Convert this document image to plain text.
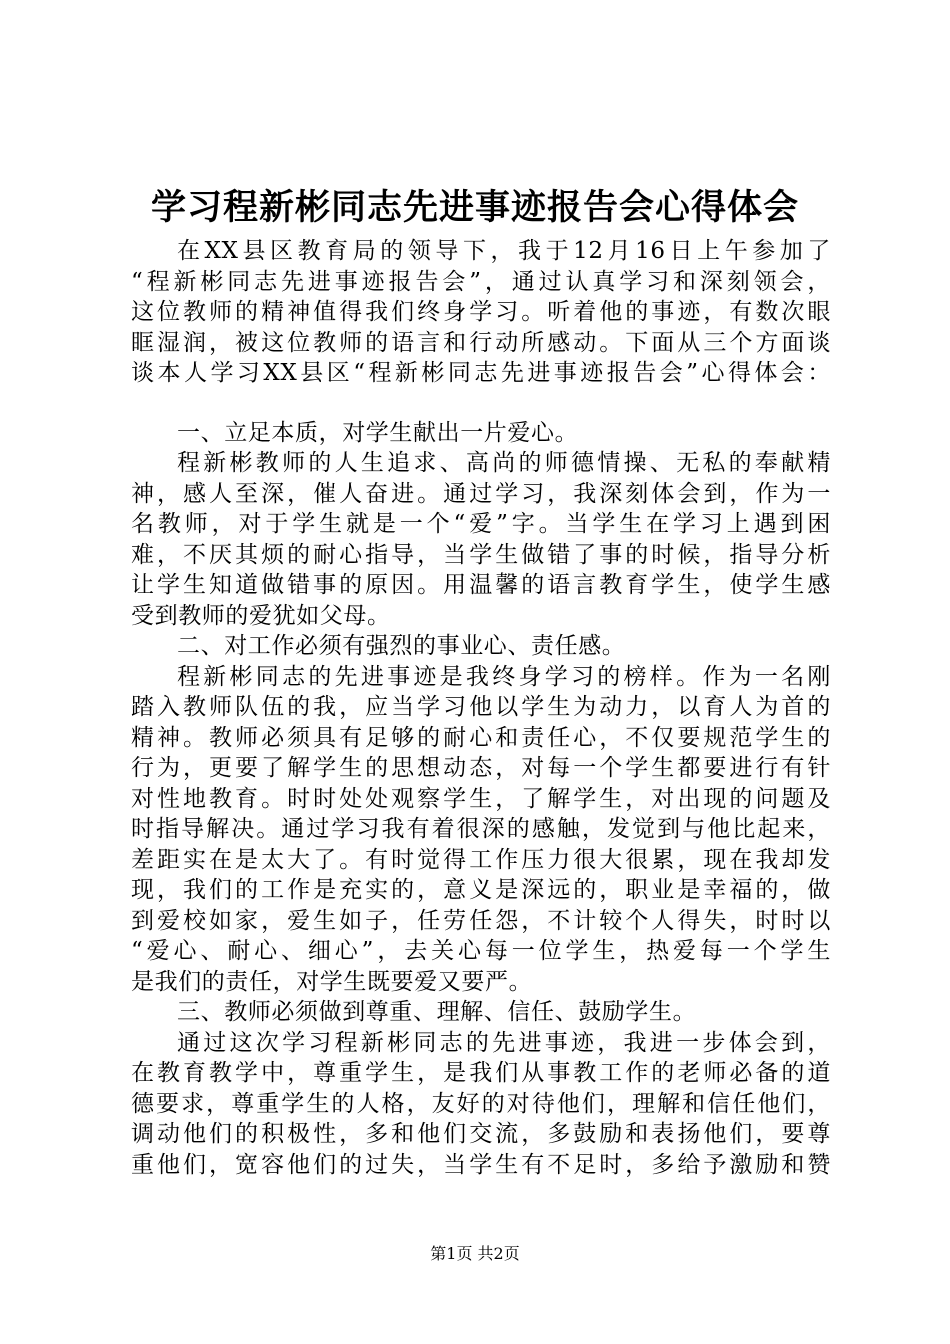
学习程新彬同志先进事迹报告会心得体会
在XX县区教育局的领导下，我于12月16日上午参加了
“程新彬同志先进事迹报告会”，通过认真学习和深刻领会，
这位教师的精神值得我们终身学习。听着他的事迹，有数次眼
眶湿润，被这位教师的语言和行动所感动。下面从三个方面谈
谈本人学习XX县区“程新彬同志先进事迹报告会”心得体会：
一、立足本质，对学生献出一片爱心。
程新彬教师的人生追求、高尚的师德情操、无私的奉献精
神，感人至深，催人奋进。通过学习，我深刻体会到，作为一
名教师，对于学生就是一个“爱”字。当学生在学习上遇到困
难，不厌其烦的耐心指导，当学生做错了事的时候，指导分析
让学生知道做错事的原因。用温馨的语言教育学生，使学生感
受到教师的爱犹如父母。
二、对工作必须有强烈的事业心、责任感。
程新彬同志的先进事迹是我终身学习的榜样。作为一名刚
踏入教师队伍的我，应当学习他以学生为动力，以育人为首的
精神。教师必须具有足够的耐心和责任心，不仅要规范学生的
行为，更要了解学生的思想动态，对每一个学生都要进行有针
对性地教育。时时处处观察学生，了解学生，对出现的问题及
时指导解决。通过学习我有着很深的感触，发觉到与他比起来，
差距实在是太大了。有时觉得工作压力很大很累，现在我却发
现，我们的工作是充实的，意义是深远的，职业是幸福的，做
到爱校如家，爱生如子，任劳任怨，不计较个人得失，时时以
“爱心、耐心、细心”，去关心每一位学生，热爱每一个学生
是我们的责任，对学生既要爱又要严。
三、教师必须做到尊重、理解、信任、鼓励学生。
通过这次学习程新彬同志的先进事迹，我进一步体会到，
在教育教学中，尊重学生，是我们从事教工作的老师必备的道
德要求，尊重学生的人格，友好的对待他们，理解和信任他们，
调动他们的积极性，多和他们交流，多鼓励和表扬他们，要尊
重他们，宽容他们的过失，当学生有不足时，多给予激励和赞
第1页 共2页
